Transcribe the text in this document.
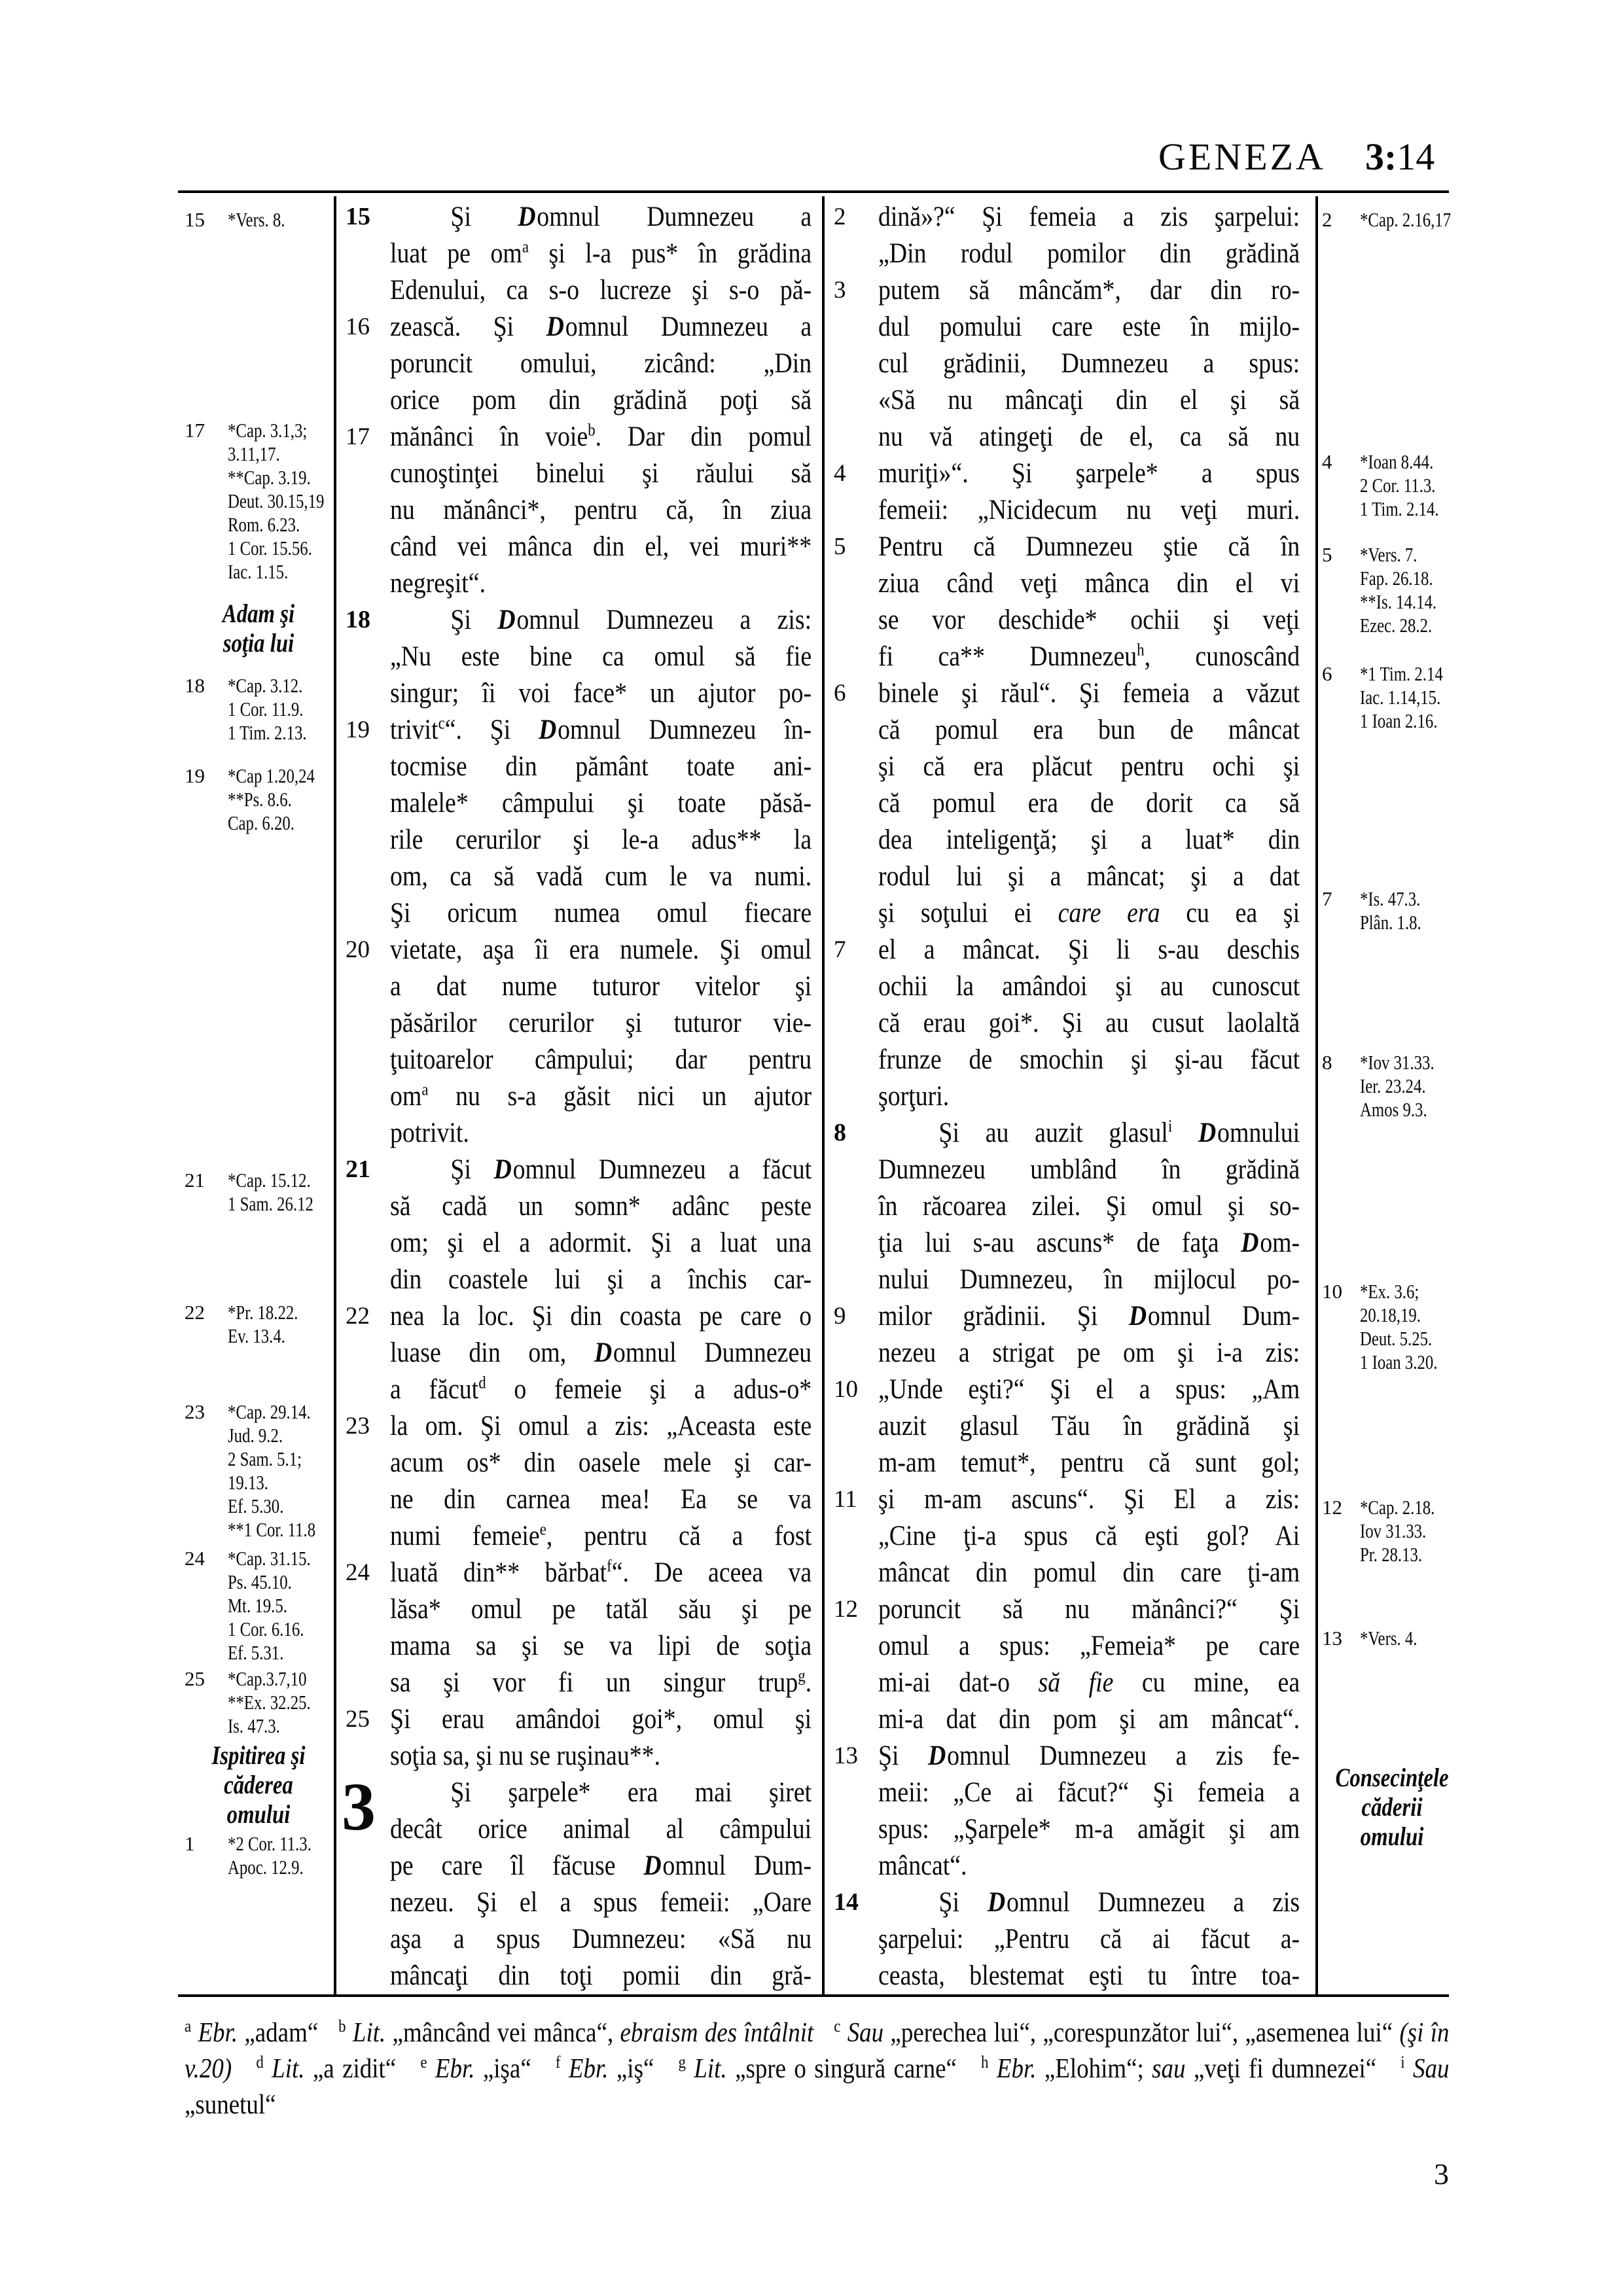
GENEZA 3:14
15 *Vers. 8.
17 *Cap. 3.1,3;
3.11,17.
**Cap. 3.19.
Deut. 30.15,19
Rom. 6.23.
1 Cor. 15.56.
Iac. 1.15.
Adam şi
soţia lui
18 *Cap. 3.12.
1 Cor. 11.9.
1 Tim. 2.13.
19 *Cap 1.20,24
**Ps. 8.6.
Cap. 6.20.
21 *Cap. 15.12.
1 Sam. 26.12
22 *Pr. 18.22.
Ev. 13.4.
23 *Cap. 29.14.
Jud. 9.2.
2 Sam. 5.1;
19.13.
Ef. 5.30.
**1 Cor. 11.8
24 *Cap. 31.15.
Ps. 45.10.
Mt. 19.5.
1 Cor. 6.16.
Ef. 5.31.
25 *Cap.3.7,10
**Ex. 32.25.
Is. 47.3.
Ispitirea şi
căderea
omului
1 *2 Cor. 11.3.
Apoc. 12.9.
15	Şi Domnul Dumnezeu a
luat pe $om^a$ şi l-a pus* în grădina
Edenului, ca s-o lucreze şi s-o pă-
16 zească. Şi Domnul Dumnezeu a
poruncit omului, zicând: „Din
orice pom din grădină poţi să
17 mănânci în voie$^b$. Dar din pomul
cunoştinţei binelui şi răului să
nu mănânci*, pentru că, în ziua
când vei mânca din el, vei muri**
negreşit“.
18	Şi Domnul Dumnezeu a zis:
„Nu este bine ca omul să fie
singur; îi voi face* un ajutor po-
19 trivit$^c$“. Şi Domnul Dumnezeu în-
tocmise din pământ toate ani-
malele* câmpului şi toate păsă-
rile cerurilor şi le-a adus** la
om, ca să vadă cum le va numi.
Şi oricum numea omul fiecare
20 vietate, aşa îi era numele. Şi omul
a dat nume tuturor vitelor şi
păsărilor cerurilor şi tuturor vie-
ţuitoarelor câmpului; dar pentru
$om^a$ nu s-a găsit nici un ajutor
potrivit.
21	Şi Domnul Dumnezeu a făcut
să cadă un somn* adânc peste
om; şi el a adormit. Şi a luat una
din coastele lui şi a închis car-
22 nea la loc. Şi din coasta pe care o
luase din om, Domnul Dumnezeu
a făcut$^d$ o femeie şi a adus-o*
23 la om. Şi omul a zis: „Aceasta este
acum os* din oasele mele şi car-
ne din carnea mea! Ea se va
numi femeie$^e$, pentru că a fost
24 luată din** bărbat$^f$“. De aceea va
lăsa* omul pe tatăl său şi pe
mama sa şi se va lipi de soţia
sa şi vor fi un singur trup$^g$.
25 Şi erau amândoi goi*, omul şi
soţia sa, şi nu se ruşinau**.
3	Şi şarpele* era mai şiret
decât orice animal al câmpului
pe care îl făcuse Domnul Dum-
nezeu. Şi el a spus femeii: „Oare
aşa a spus Dumnezeu: «Să nu
mâncaţi din toţi pomii din gră-
2 dină»?“ Şi femeia a zis şarpelui:
„Din rodul pomilor din grădină
3 putem să mâncăm*, dar din ro-
dul pomului care este în mijlo-
cul grădinii, Dumnezeu a spus:
«Să nu mâncaţi din el şi să
nu vă atingeţi de el, ca să nu
4 muriţi»“. Şi şarpele* a spus
femeii: „Nicidecum nu veţi muri.
5 Pentru că Dumnezeu ştie că în
ziua când veţi mânca din el vi
se vor deschide* ochii şi veţi
fi ca** Dumnezeu$^h$, cunoscând
6 binele şi răul“. Şi femeia a văzut
că pomul era bun de mâncat
şi că era plăcut pentru ochi şi
că pomul era de dorit ca să
dea inteligenţă; şi a luat* din
rodul lui şi a mâncat; şi a dat
şi soţului ei care era cu ea şi
7 el a mâncat. Şi li s-au deschis
ochii la amândoi şi au cunoscut
că erau goi*. Şi au cusut laolaltă
frunze de smochin şi şi-au făcut
şorţuri.
8	Şi au auzit glasul$^i$ Domnului
Dumnezeu umblând în grădină
în răcoarea zilei. Şi omul şi so-
ţia lui s-au ascuns* de faţa Dom-
nului Dumnezeu, în mijlocul po-
9 milor grădinii. Şi Domnul Dum-
nezeu a strigat pe om şi i-a zis:
10 „Unde eşti?“ Şi el a spus: „Am
auzit glasul Tău în grădină şi
m-am temut*, pentru că sunt gol;
11 şi m-am ascuns“. Şi El a zis:
„Cine ţi-a spus că eşti gol? Ai
mâncat din pomul din care ţi-am
12 poruncit să nu mănânci?“ Şi
omul a spus: „Femeia* pe care
mi-ai dat-o să fie cu mine, ea
mi-a dat din pom şi am mâncat“.
13 Şi Domnul Dumnezeu a zis fe-
meii: „Ce ai făcut?“ Şi femeia a
spus: „Şarpele* m-a amăgit şi am
mâncat“.
14	Şi Domnul Dumnezeu a zis
şarpelui: „Pentru că ai făcut a-
ceasta, blestemat eşti tu între toa-
2 *Cap. 2.16,17
4 *Ioan 8.44.
2 Cor. 11.3.
1 Tim. 2.14.
5 *Vers. 7.
Fap. 26.18.
**Is. 14.14.
Ezec. 28.2.
6 *1 Tim. 2.14
Iac. 1.14,15.
1 Ioan 2.16.
7 *Is. 47.3.
Plân. 1.8.
8 *Iov 31.33.
Ier. 23.24.
Amos 9.3.
10 *Ex. 3.6;
20.18,19.
Deut. 5.25.
1 Ioan 3.20.
12 *Cap. 2.18.
Iov 31.33.
Pr. 28.13.
13 *Vers. 4.
Consecinţele
căderii
omului
$^a$ Ebr. „adam“   $^b$ Lit. „mâncând vei mânca“, ebraism des întâlnit $^c$ Sau „perechea lui“, „corespunzător lui“, „asemenea lui“ (şi în v.20) $^d$ Lit. „a zidit“   $^e$ Ebr. „işa“   $^f$ Ebr. „iş“   $^g$ Lit. „spre o singură carne“   $^h$ Ebr. „Elohim“; sau „veţi fi dumnezei“   $^i$ Sau „sunetul“
3
